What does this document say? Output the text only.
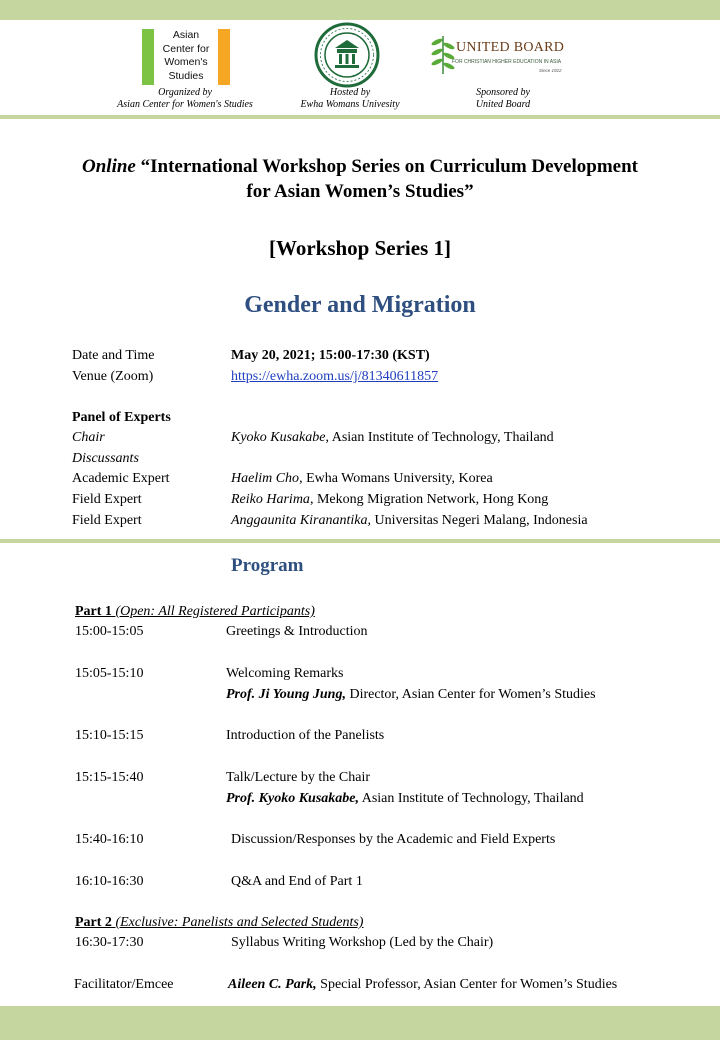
Asian
Center for
Women's
Studies
Organized by
Asian Center for Women's Studies
Hosted by
Ewha Womans Univesity
UNITED BOARD
FOR CHRISTIAN HIGHER EDUCATION IN ASIA
Since 1922
Sponsored by
United Board
Online “International Workshop Series on Curriculum Development
for Asian Women’s Studies”
[Workshop Series 1]
Gender and Migration
Date and Time	May 20, 2021; 15:00-17:30 (KST)
Venue (Zoom)	https://ewha.zoom.us/j/81340611857
Panel of Experts
Chair	Kyoko Kusakabe, Asian Institute of Technology, Thailand
Discussants
Academic Expert	Haelim Cho, Ewha Womans University, Korea
Field Expert	Reiko Harima, Mekong Migration Network, Hong Kong
Field Expert	Anggaunita Kiranantika, Universitas Negeri Malang, Indonesia
Program
Part 1 (Open: All Registered Participants)
15:00-15:05	Greetings & Introduction
15:05-15:10	Welcoming Remarks
Prof. Ji Young Jung, Director, Asian Center for Women’s Studies
15:10-15:15	Introduction of the Panelists
15:15-15:40	Talk/Lecture by the Chair
Prof. Kyoko Kusakabe, Asian Institute of Technology, Thailand
15:40-16:10	Discussion/Responses by the Academic and Field Experts
16:10-16:30	Q&A and End of Part 1
Part 2 (Exclusive: Panelists and Selected Students)
16:30-17:30	Syllabus Writing Workshop (Led by the Chair)
Facilitator/Emcee	Aileen C. Park, Special Professor, Asian Center for Women’s Studies
